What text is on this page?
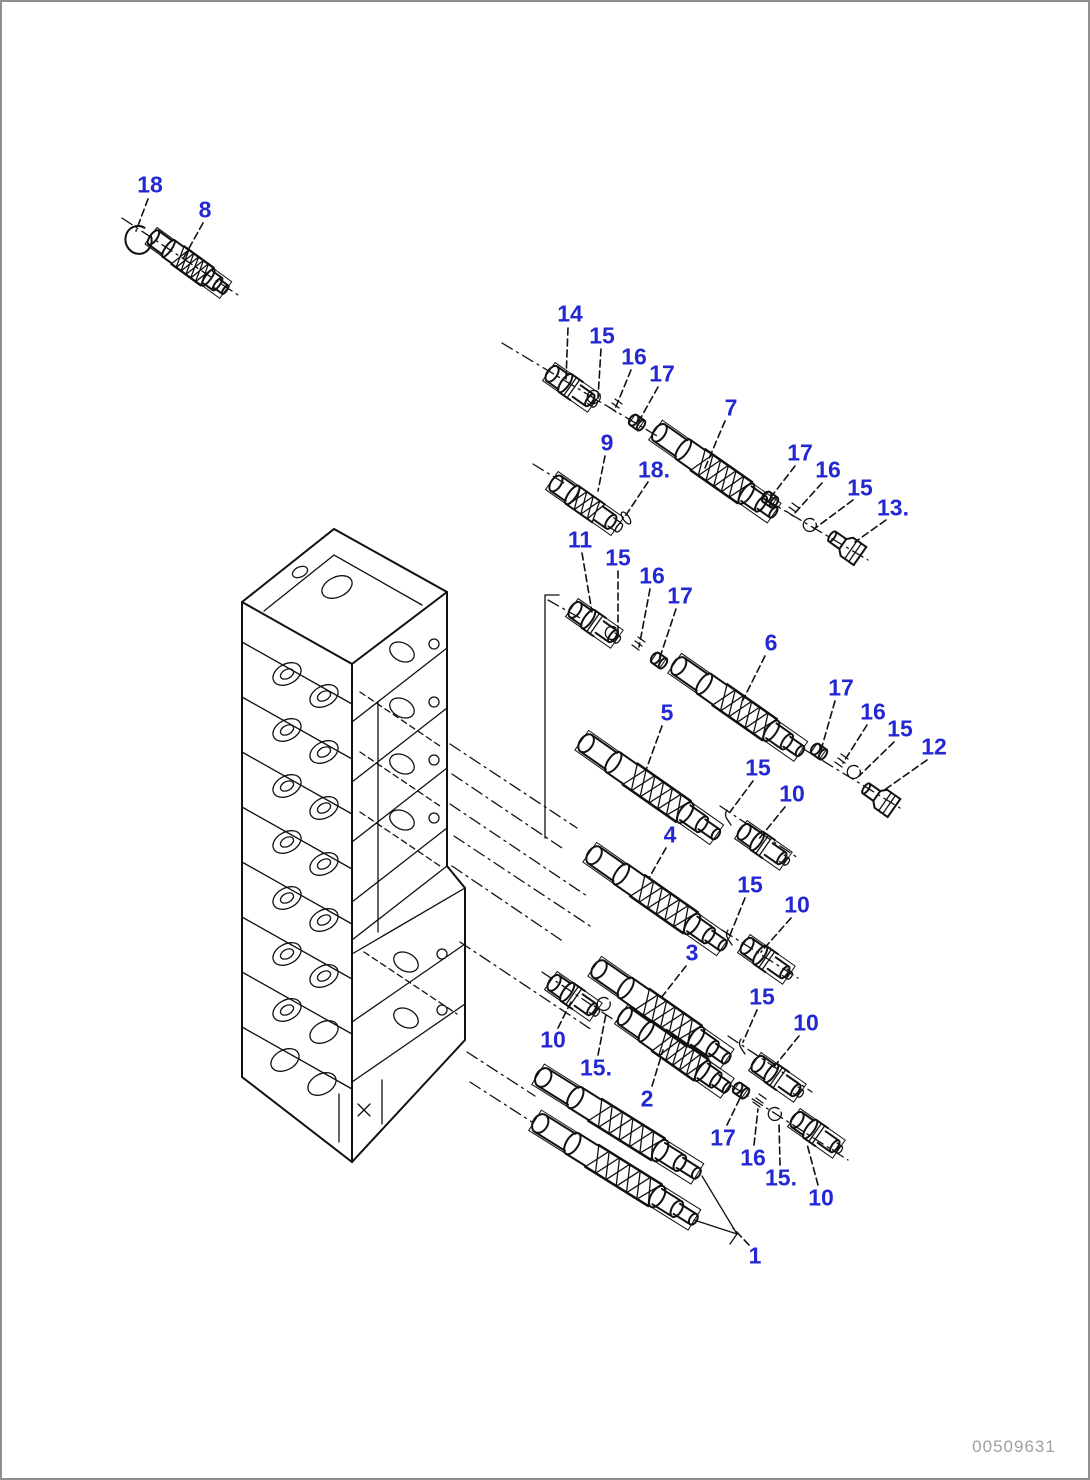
18
8
14
15
16
17
7
9
18.
17
16
15
13.
11
15
16
17
6
5
17
16
15
12
15
10
4
15
10
3
15
10
10
15.
2
17
16
15.
10
1
00509631
